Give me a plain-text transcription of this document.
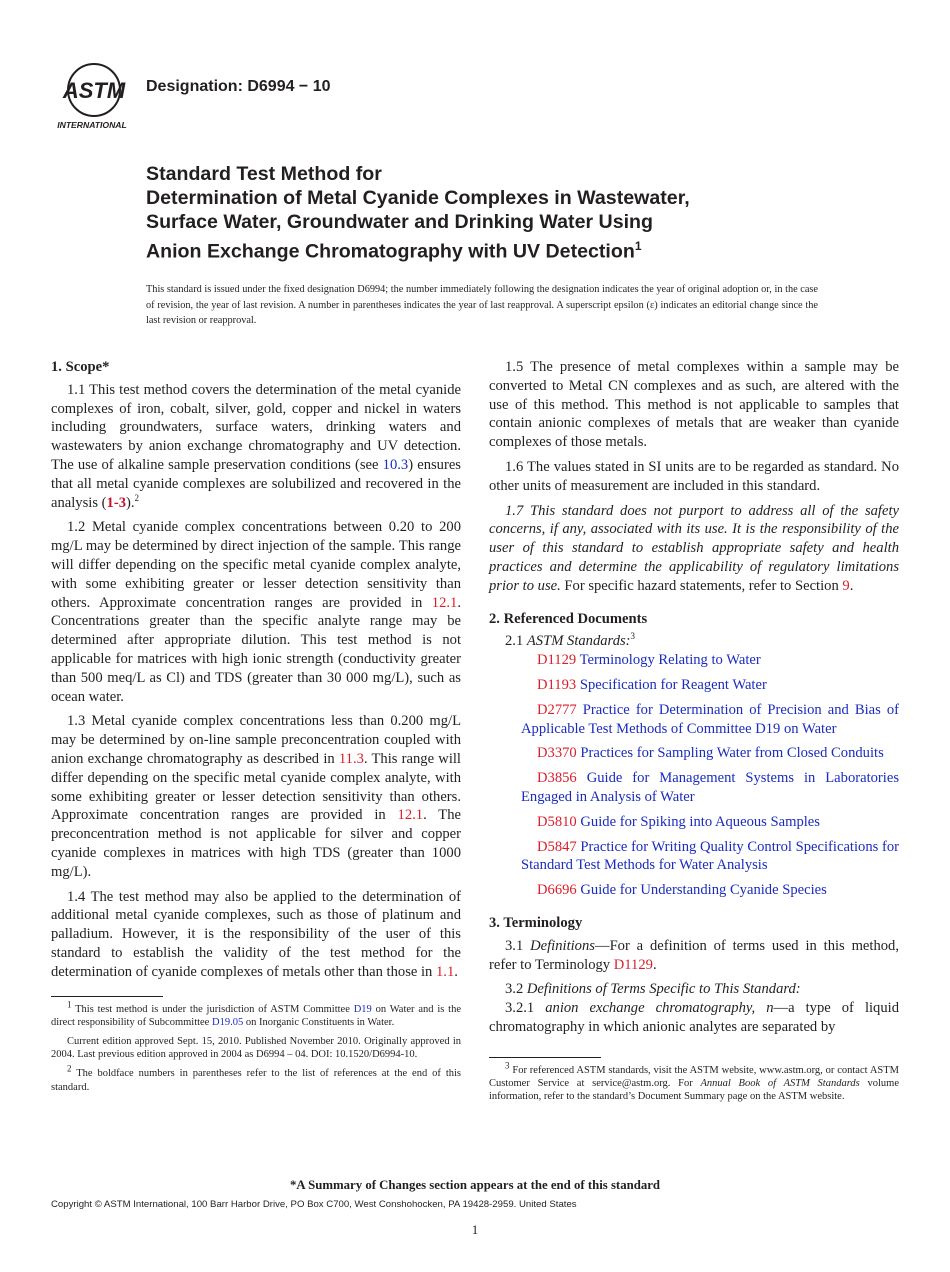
ASTM
INTERNATIONAL
Designation: D6994 − 10
Standard Test Method for
Determination of Metal Cyanide Complexes in Wastewater,
Surface Water, Groundwater and Drinking Water Using
Anion Exchange Chromatography with UV Detection$^1$
This standard is issued under the fixed designation D6994; the number immediately following the designation indicates the year of original adoption or, in the case of revision, the year of last revision. A number in parentheses indicates the year of last reapproval. A superscript epsilon (ε) indicates an editorial change since the last revision or reapproval.
1. Scope*

1.1 This test method covers the determination of the metal cyanide complexes of iron, cobalt, silver, gold, copper and nickel in waters including groundwaters, surface waters, drinking waters and wastewaters by anion exchange chromatography and UV detection. The use of alkaline sample preservation conditions (see 10.3) ensures that all metal cyanide complexes are solubilized and recovered in the analysis (1-3).$^2$

1.2 Metal cyanide complex concentrations between 0.20 to 200 mg/L may be determined by direct injection of the sample. This range will differ depending on the specific metal cyanide complex analyte, with some exhibiting greater or lesser detection sensitivity than others. Approximate concentration ranges are provided in 12.1. Concentrations greater than the specific analyte range may be determined after appropriate dilution. This test method is not applicable for matrices with high ionic strength (conductivity greater than 500 meq/L as Cl) and TDS (greater than 30 000 mg/L), such as ocean water.

1.3 Metal cyanide complex concentrations less than 0.200 mg/L may be determined by on-line sample preconcentration coupled with anion exchange chromatography as described in 11.3. This range will differ depending on the specific metal cyanide complex analyte, with some exhibiting greater or lesser detection sensitivity than others. Approximate concentration ranges are provided in 12.1. The preconcentration method is not applicable for silver and copper cyanide complexes in matrices with high TDS (greater than 1000 mg/L).

1.4 The test method may also be applied to the determination of additional metal cyanide complexes, such as those of platinum and palladium. However, it is the responsibility of the user of this standard to establish the validity of the test method for the determination of cyanide complexes of metals other than those in 1.1.

$^1$ This test method is under the jurisdiction of ASTM Committee D19 on Water and is the direct responsibility of Subcommittee D19.05 on Inorganic Constituents in Water.

Current edition approved Sept. 15, 2010. Published November 2010. Originally approved in 2004. Last previous edition approved in 2004 as D6994 – 04. DOI: 10.1520/D6994-10.

$^2$ The boldface numbers in parentheses refer to the list of references at the end of this standard.

1.5 The presence of metal complexes within a sample may be converted to Metal CN complexes and as such, are altered with the use of this method. This method is not applicable to samples that contain anionic complexes of metals that are weaker than cyanide complexes of those metals.

1.6 The values stated in SI units are to be regarded as standard. No other units of measurement are included in this standard.

1.7 This standard does not purport to address all of the safety concerns, if any, associated with its use. It is the responsibility of the user of this standard to establish appropriate safety and health practices and determine the applicability of regulatory limitations prior to use. For specific hazard statements, refer to Section 9.

2. Referenced Documents

2.1 ASTM Standards:$^3$

D1129 Terminology Relating to Water

D1193 Specification for Reagent Water

D2777 Practice for Determination of Precision and Bias of Applicable Test Methods of Committee D19 on Water

D3370 Practices for Sampling Water from Closed Conduits

D3856 Guide for Management Systems in Laboratories Engaged in Analysis of Water

D5810 Guide for Spiking into Aqueous Samples

D5847 Practice for Writing Quality Control Specifications for Standard Test Methods for Water Analysis

D6696 Guide for Understanding Cyanide Species

3. Terminology

3.1 Definitions—For a definition of terms used in this method, refer to Terminology D1129.

3.2 Definitions of Terms Specific to This Standard:

3.2.1 anion exchange chromatography, n—a type of liquid chromatography in which anionic analytes are separated by

$^3$ For referenced ASTM standards, visit the ASTM website, www.astm.org, or contact ASTM Customer Service at service@astm.org. For Annual Book of ASTM Standards volume information, refer to the standard’s Document Summary page on the ASTM website.

*A Summary of Changes section appears at the end of this standard
Copyright © ASTM International, 100 Barr Harbor Drive, PO Box C700, West Conshohocken, PA 19428-2959. United States
1
